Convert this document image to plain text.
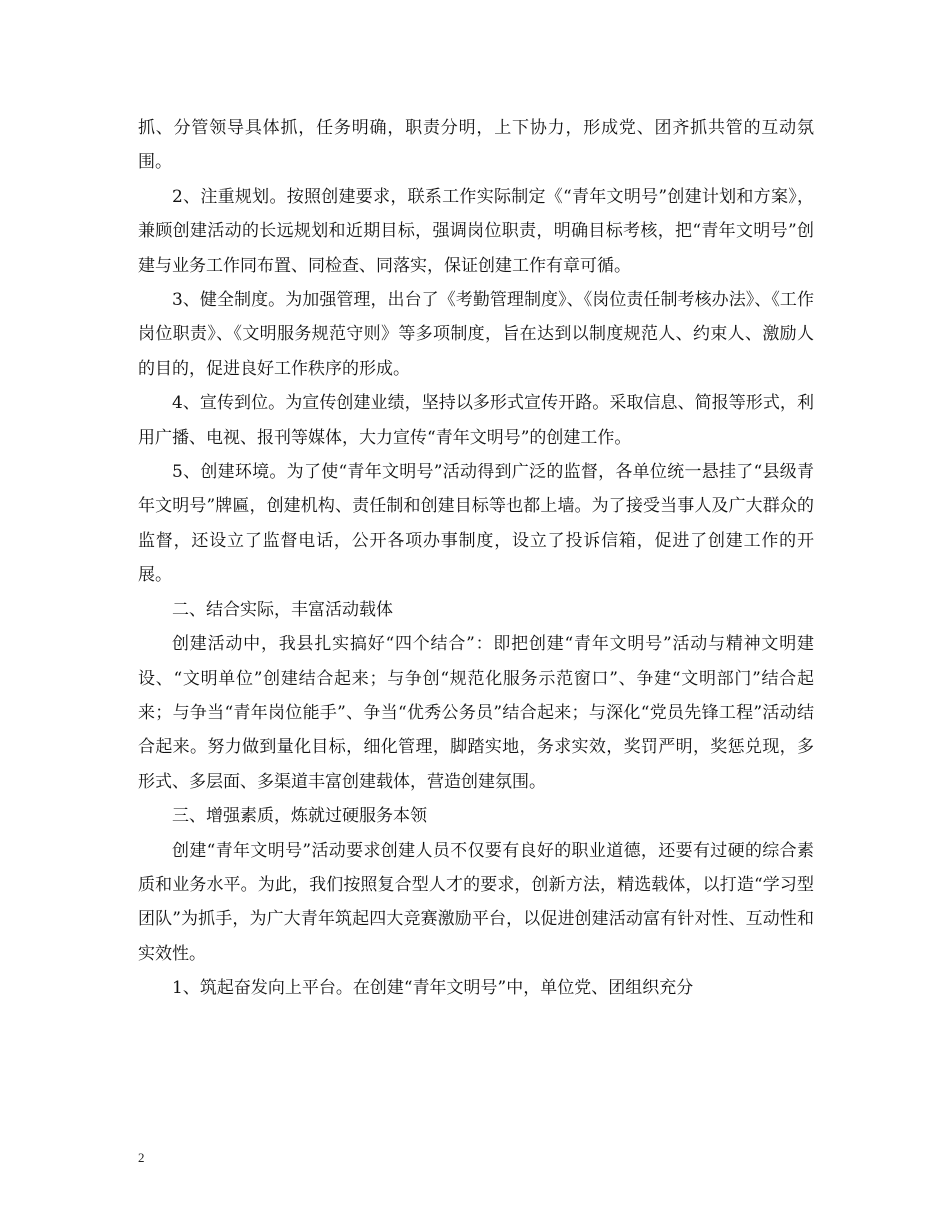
抓、分管领导具体抓，任务明确，职责分明，上下协力，形成党、团齐抓共管的互动氛围。

2、注重规划。按照创建要求，联系工作实际制定《“青年文明号”创建计划和方案》，兼顾创建活动的长远规划和近期目标，强调岗位职责，明确目标考核，把“青年文明号”创建与业务工作同布置、同检查、同落实，保证创建工作有章可循。

3、健全制度。为加强管理，出台了《考勤管理制度》、《岗位责任制考核办法》、《工作岗位职责》、《文明服务规范守则》等多项制度，旨在达到以制度规范人、约束人、激励人的目的，促进良好工作秩序的形成。

4、宣传到位。为宣传创建业绩，坚持以多形式宣传开路。采取信息、简报等形式，利用广播、电视、报刊等媒体，大力宣传“青年文明号”的创建工作。

5、创建环境。为了使“青年文明号”活动得到广泛的监督，各单位统一悬挂了“县级青年文明号”牌匾，创建机构、责任制和创建目标等也都上墙。为了接受当事人及广大群众的监督，还设立了监督电话，公开各项办事制度，设立了投诉信箱，促进了创建工作的开展。

二、结合实际，丰富活动载体

创建活动中，我县扎实搞好“四个结合”：即把创建“青年文明号”活动与精神文明建设、“文明单位”创建结合起来；与争创“规范化服务示范窗口”、争建“文明部门”结合起来；与争当“青年岗位能手”、争当“优秀公务员”结合起来；与深化“党员先锋工程”活动结合起来。努力做到量化目标，细化管理，脚踏实地，务求实效，奖罚严明，奖惩兑现，多形式、多层面、多渠道丰富创建载体，营造创建氛围。

三、增强素质，炼就过硬服务本领

创建“青年文明号”活动要求创建人员不仅要有良好的职业道德，还要有过硬的综合素质和业务水平。为此，我们按照复合型人才的要求，创新方法，精选载体，以打造“学习型团队”为抓手，为广大青年筑起四大竞赛激励平台，以促进创建活动富有针对性、互动性和实效性。

1、筑起奋发向上平台。在创建“青年文明号”中，单位党、团组织充分

2
